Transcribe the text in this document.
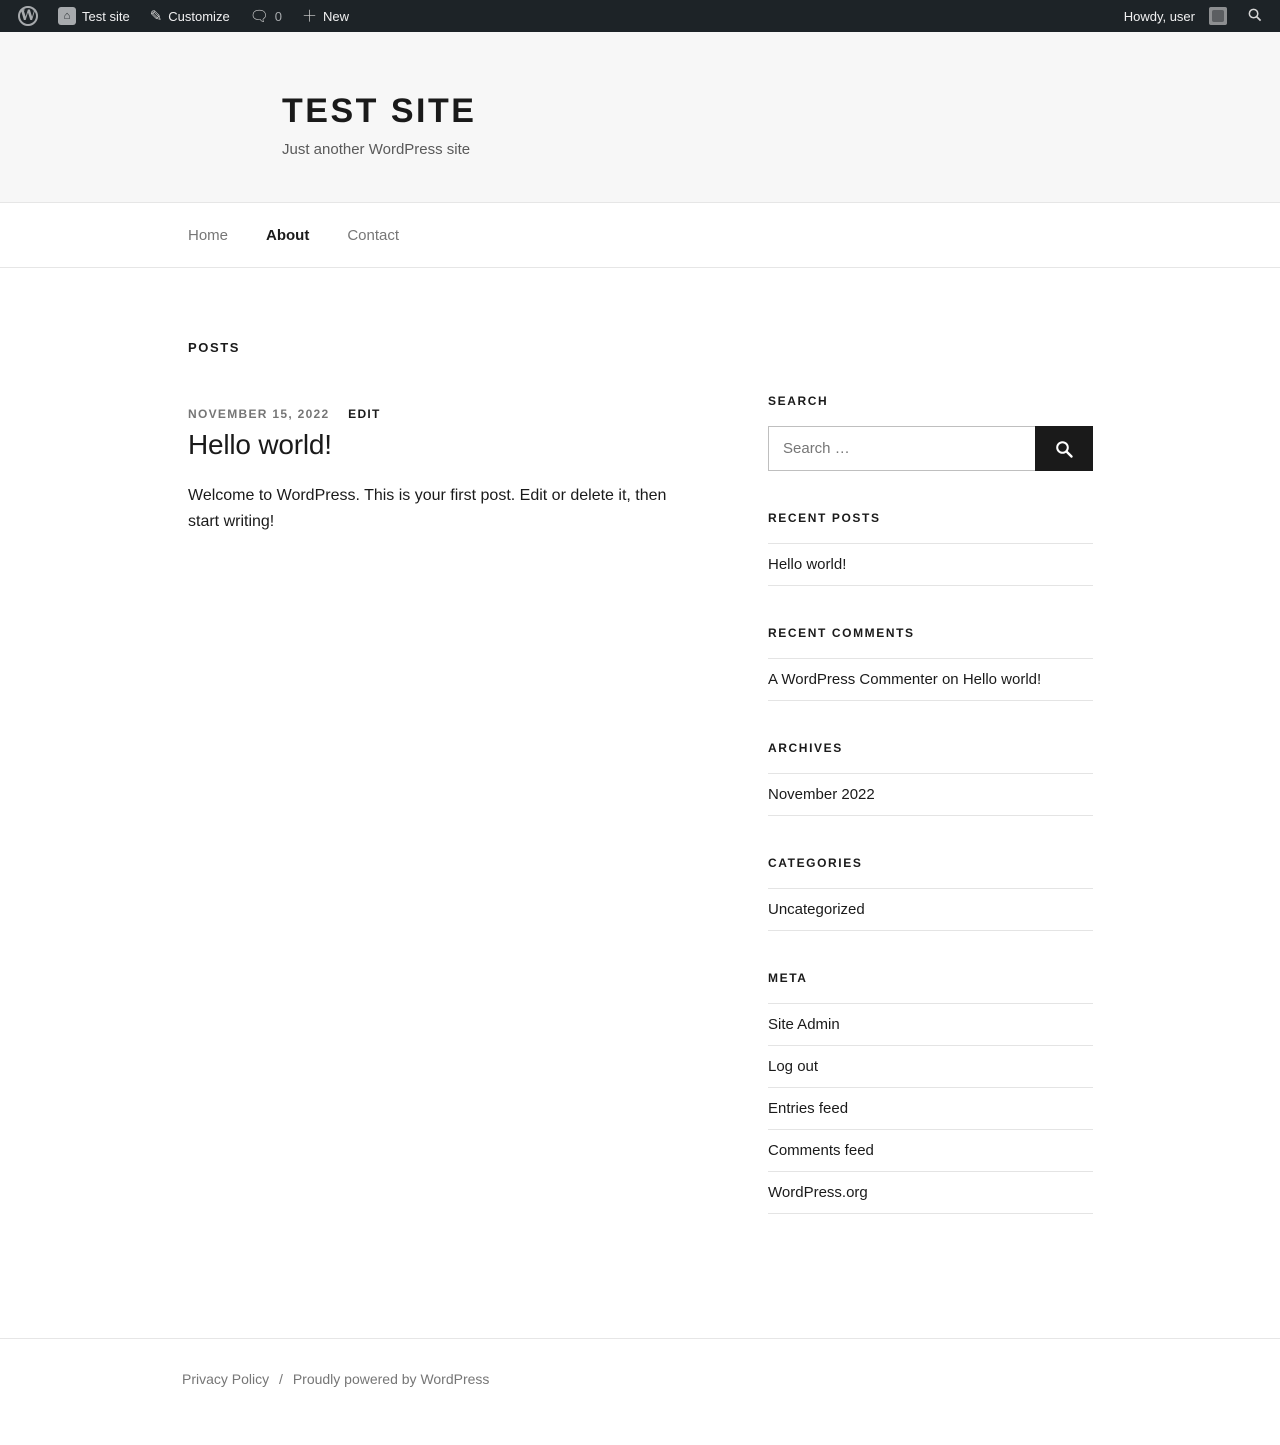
W	⌂ Test site ✎ Customize 🗨 0 ＋ New	Howdy, user
TEST SITE

Just another WordPress site

Home	About	Contact
POSTS
NOVEMBER 15, 2022 EDIT
Hello world!

Welcome to WordPress. This is your first post. Edit or delete it, then start writing!

SEARCH
Search …
RECENT POSTS
Hello world!
RECENT COMMENTS
A WordPress Commenter on Hello world!
ARCHIVES
November 2022
CATEGORIES
Uncategorized
META
Site Admin
Log out
Entries feed
Comments feed
WordPress.org
Privacy Policy / Proudly powered by WordPress
